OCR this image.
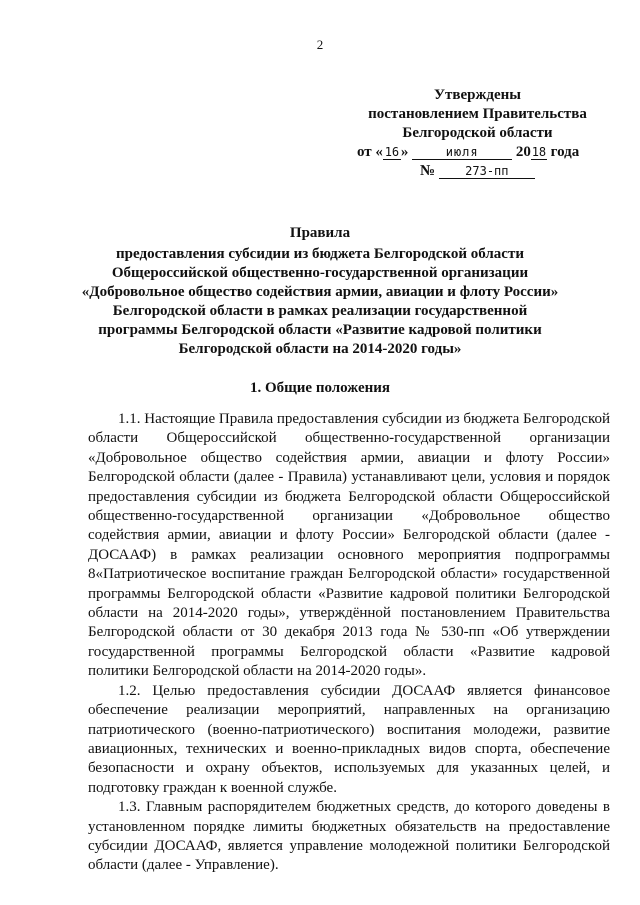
2
Утверждены
постановлением Правительства
Белгородской области
от « 16 »	июля 2018 года
№	273-пп
Правила
предоставления субсидии из бюджета Белгородской области
Общероссийской общественно-государственной организации
«Добровольное общество содействия армии, авиации и флоту России»
Белгородской области в рамках реализации государственной
программы Белгородской области «Развитие кадровой политики
Белгородской области на 2014-2020 годы»
1. Общие положения

1.1. Настоящие Правила предоставления субсидии из бюджета Белгородской области Общероссийской общественно-государственной организации «Добровольное общество содействия армии, авиации и флоту России» Белгородской области (далее - Правила) устанавливают цели, условия и порядок предоставления субсидии из бюджета Белгородской области Общероссийской общественно-государственной организации «Добровольное общество содействия армии, авиации и флоту России» Белгородской области (далее - ДОСААФ) в рамках реализации основного мероприятия подпрограммы 8«Патриотическое воспитание граждан Белгородской области» государственной программы Белгородской области «Развитие кадровой политики Белгородской области на 2014-2020 годы», утверждённой постановлением Правительства Белгородской области от 30 декабря 2013 года № 530-пп «Об утверждении государственной программы Белгородской области «Развитие кадровой политики Белгородской области на 2014-2020 годы».

1.2. Целью предоставления субсидии ДОСААФ является финансовое обеспечение реализации мероприятий, направленных на организацию патриотического (военно-патриотического) воспитания молодежи, развитие авиационных, технических и военно-прикладных видов спорта, обеспечение безопасности и охрану объектов, используемых для указанных целей, и подготовку граждан к военной службе.

1.3. Главным распорядителем бюджетных средств, до которого доведены в установленном порядке лимиты бюджетных обязательств на предоставление субсидии ДОСААФ, является управление молодежной политики Белгородской области (далее - Управление).
